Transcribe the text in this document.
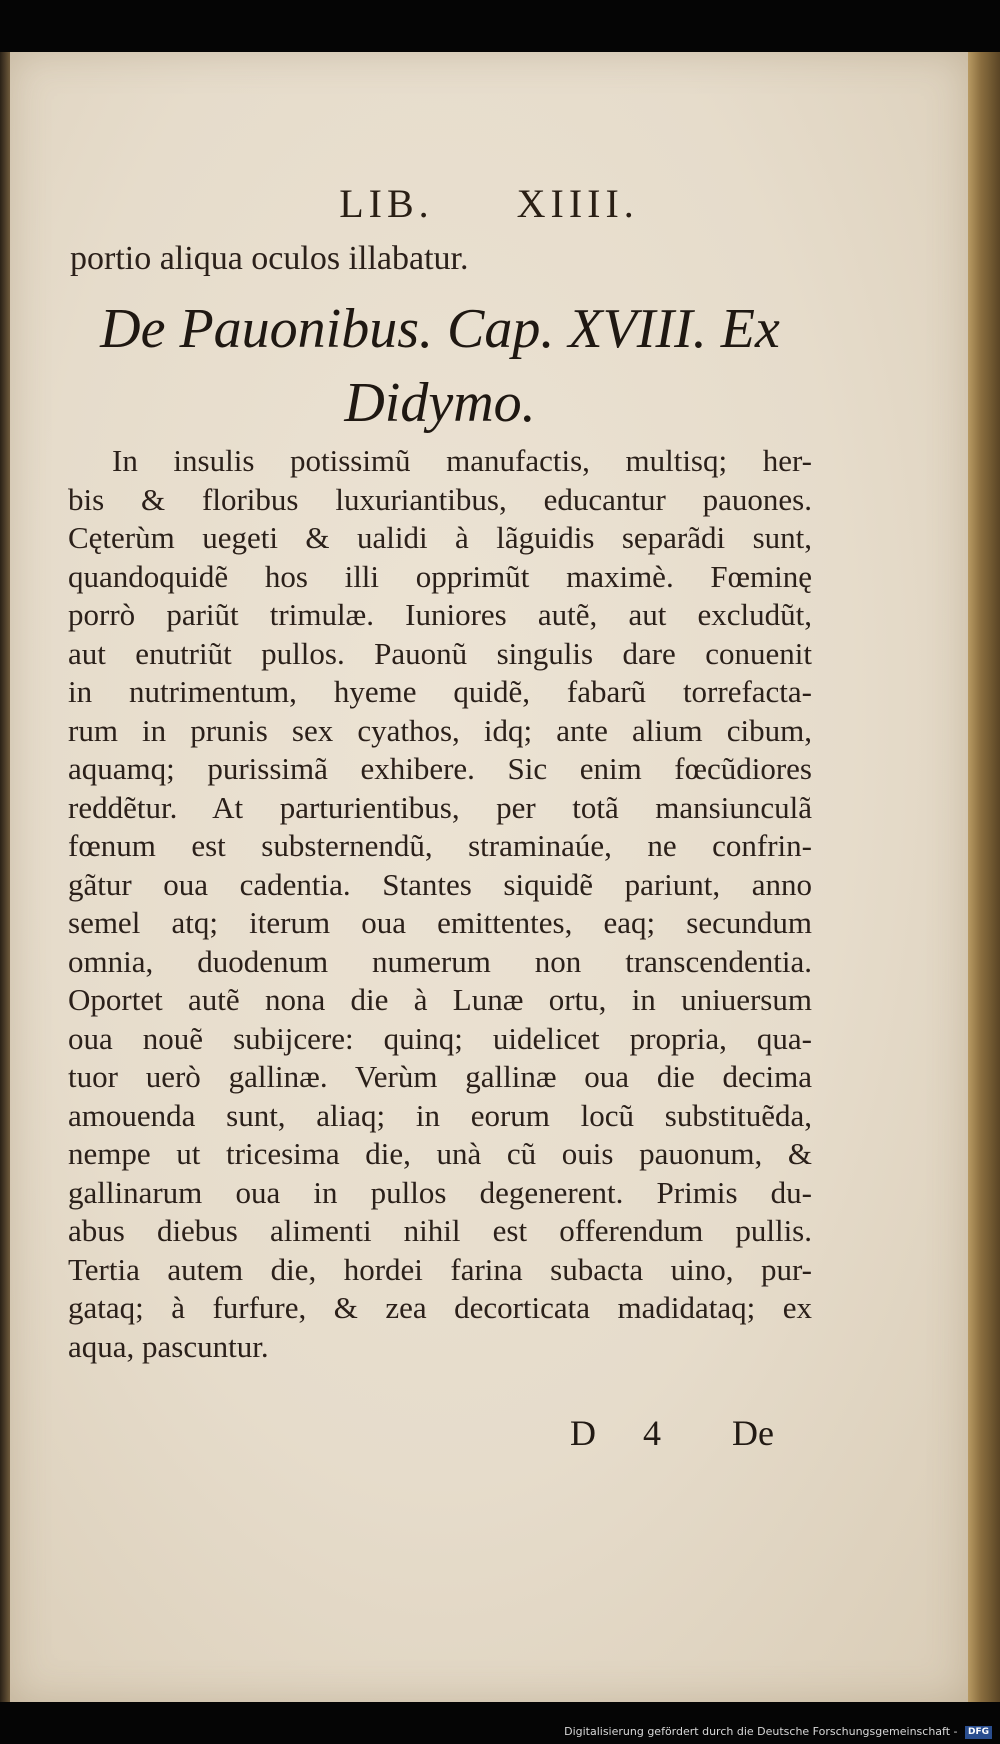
LIB. XIIII.
portio aliqua oculos illabatur.
De Pauonibus. Cap. XVIII. Ex
Didymo.
In insulis potissimũ manufactis, multisq; her-
bis & floribus luxuriantibus, educantur pauones.
Cęterùm uegeti & ualidi à lãguidis separãdi sunt,
quandoquidẽ hos illi opprimũt maximè. Fœminę
porrò pariũt trimulæ. Iuniores autẽ, aut excludũt,
aut enutriũt pullos. Pauonũ singulis dare conuenit
in nutrimentum, hyeme quidẽ, fabarũ torrefacta-
rum in prunis sex cyathos, idq; ante alium cibum,
aquamq; purissimã exhibere. Sic enim fœcũdiores
reddẽtur. At parturientibus, per totã mansiunculã
fœnum est substernendũ, straminaúe, ne confrin-
gãtur oua cadentia. Stantes siquidẽ pariunt, anno
semel atq; iterum oua emittentes, eaq; secundum
omnia, duodenum numerum non transcendentia.
Oportet autẽ nona die à Lunæ ortu, in uniuersum
oua nouẽ subijcere: quinq; uidelicet propria, qua-
tuor uerò gallinæ. Verùm gallinæ oua die decima
amouenda sunt, aliaq; in eorum locũ substituẽda,
nempe ut tricesima die, unà cũ ouis pauonum, &
gallinarum oua in pullos degenerent. Primis du-
abus diebus alimenti nihil est offerendum pullis.
Tertia autem die, hordei farina subacta uino, pur-
gataq; à furfure, & zea decorticata madidataq; ex
aqua, pascuntur.
D 4 De
Digitalisierung gefördert durch die Deutsche Forschungsgemeinschaft - DFG
